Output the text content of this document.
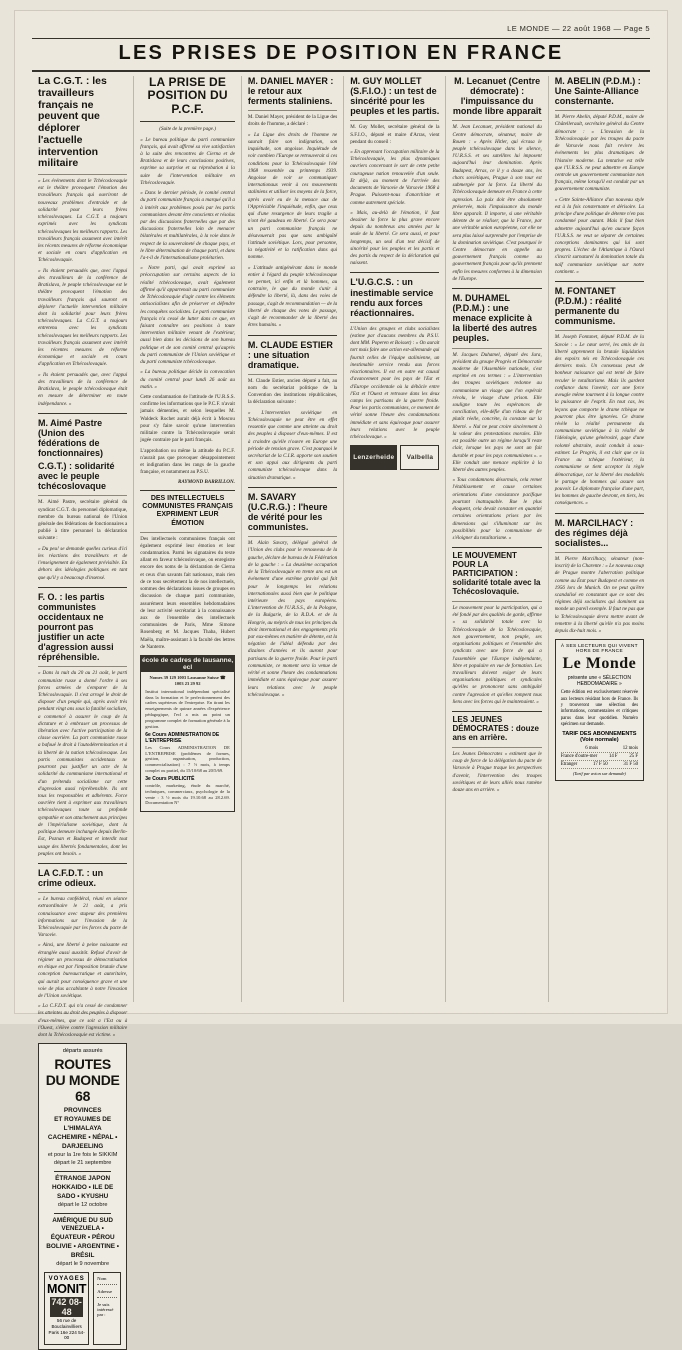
LE MONDE — 22 août 1968 — Page 5
LES PRISES DE POSITION EN FRANCE
La C.G.T. : les travailleurs français ne peuvent que déplorer l'actuelle intervention militaire

« Les événements dont le Tchécoslovaquie est le théâtre provoquent l'émotion des travailleurs français qui ouvriront de nouveaux problèmes d'entraide et de solidarité pour leurs frères tchécoslovaques. La C.G.T. a toujours exprimés avec les syndicats tchécoslovaques les meilleurs rapports. Les travailleurs français assument avec intérêt les récents mesures de réforme économique et sociale en cours d'application en Tchécoslovaquie.

« Ils étaient persuadés que, avec l'appui des travailleurs de la conférence de Bratislava, le peuple tchécoslovaque est le théâtre provoquent l'émotion des travailleurs français qui sauront en déplorer l'actuelle intervention militaire dont la solidarité pour leurs frères tchécoslovaques. La C.G.T. a toujours entretenu avec les syndicats tchécoslovaques les meilleurs rapports. Les travailleurs français assument avec intérêt les récentes mesures de réforme économique et sociale en cours d'application en Tchécoslovaquie.

« Ils étaient persuadés que, avec l'appui des travailleurs de la conférence de Bratislava, le peuple tchécoslovaque était en mesure de déterminer en toute indépendance. »

M. Aimé Pastre (Union des fédérations de fonctionnaires)
C.G.T.) : solidarité avec le peuple tchécoslovaque

M. Aimé Pastre, secrétaire général du syndicat C.G.T. du personnel diplomatique, membre du bureau national de l'Union générale des fédérations de fonctionnaires a publié à titre personnel la déclaration suivante :

« Du peu! se demande quelles curieux d'ici les réactions des travailleurs et de l'enseignement de également prévisible. En dehors des idéologies politiques en tant que qu'il y a beaucoup d'insensé.

F. O. : les partis communistes occidentaux ne pourront pas justifier un acte d'agression aussi répréhensible.

« Dans la nuit du 20 au 21 août, le parti communiste russe a donné l'ordre à ses forces armées de s'emparer de la Tchécoslovaquie. Il s'est arrogé le droit de disposer d'un peuple qui, après avoir très pendant vingt ans sous la fatalité socialiste, a commencé à assurer le coup de la dictature et à embraser un processus de libération avec l'active participation de la classe ouvrière. La part communiste russe a bafoué le droit à l'autodétermination et à la liberté de la nation tchécoslovaque. Les partis communistes occidentaux ne pourront pas justifier un acte de la solidarité du communisme international et d'un prétendu socialisme car cette d'agression aussi répréhensible. Ils ont tous les responsables et adhérents. Force ouvrière tient à exprimer aux travailleurs tchécoslovaques toute sa profonde sympathie et son attachement aux principes de l'impérialisme soviétique, dont la politique demeure inchangée depuis Berlin-Est, Poznan et Budapest et interdit tout usage des libertés fondamentales, dont les peuples ont besoin. »

LA C.F.D.T. : un crime odieux.

« Le bureau confédéral, réuni en séance extraordinaire le 21 août, a pris connaissance avec stupeur des premières informations sur l'invasion de la Tchécoslovaquie par les forces du pacte de Varsovie.

« Ainsi, une liberté à peine naissante est étranglée aussi aussitôt. Refusé d'avoir de régimer un processus de démocratisation en étique est par l'imposition brutale d'une conception bureaucratique et autoritaire, qui aurait pour conséquence grave et une voie de plus accablante à notre l'invasion de l'Union soviétique.

« La C.F.D.T. qui n'a cessé de condamner les atteintes au droit des peuples à disposer d'eux-mêmes, que ce soit a l'Est ou à l'Ouest, s'élève contre l'agression militaire dont la Tchécoslovaquie est victime. »

départs assurés
ROUTES DU MONDE 68
PROVINCES
ET ROYAUMES DE L'HIMALAYA
CACHEMIRE • NÉPAL • DARJEELING
et pour la 1re fois le SIKKIM
départ le 21 septembre
ÉTRANGE JAPON
HOKKAIDO • ILE DE SADO • KYUSHU
départ le 12 octobre
AMÉRIQUE DU SUD
VENEZUELA • ÉQUATEUR • PÉROU
BOLIVIE • ARGENTINE • BRÉSIL
départ le 9 novembre
VOYAGES
MONIT
742 08-48
56 rue de Bouclainvilliers Paris 16e 224 54-00
Nom
Adresse
Je suis intéressé par :
LA PRISE DE POSITION DU P.C.F.

(Suite de la première page.)

« Le bureau politique du parti communiste français, qui avait affirmé sa vive satisfaction à la suite des rencontres de Cierna et de Bratislava et de leurs conclusions positives, exprime sa surprise et sa réprobation à la suite de l'intervention militaire en Tchécoslovaquie.

« Dans le dernier période, le comité central du parti communiste français a marqué qu'il a à intérêt aux problèmes posés par les partis communistes devant être conscients et résolus par des discussions fraternelles que par des discussions fraternelles loin de menacer bilatérales et multilatérales, à la voie dans le respect de la souveraineté de chaque pays, et le libre détermination de chaque parti, et dans l'a-t-il de l'internationalisme prolétarien.

« Notre parti, qui avait exprimé sa préoccupation sur certains aspects de la réalité tchécoslovaque, avait également affirmé qu'il appartenait au parti communiste de Tchécoslovaquie d'agir contre les éléments antisocialistes afin de préserver et défendre les conquêtes socialistes. Le parti communiste français n'a cessé de lutter dans ce que, en faisant connaître ses positions à toute intervention militaire venant de l'extérieur, aussi bien dans les décisions de son bureau politique et de son comité central qu'auprès du parti communiste de l'Union soviétique et du parti communiste tchécoslovaque.

« La bureau politique décide la convocation du comité central pour lundi 26 août au matin. »

Cette condamnation de l'attitude de l'U.R.S.S. confirme les informations que le P.C.F. n'avait jamais démenties, et selon lesquelles M. Waldeck Rochet aurait déjà écrit à Moscou pour s'y faire savoir qu'une intervention militaire contre la Tchécoslovaquie serait jugée contraire par le parti français.

L'approbation ou même la attitude du P.C.F. n'aurait pas que provoquer désappointement et indignation dans les rangs de la gauche française, et notamment au P.S.U.

RAYMOND BARRILLON.
DES INTELLECTUELS COMMUNISTES FRANÇAIS EXPRIMENT LEUR ÉMOTION

Des intellectuels communistes français ont également exprimé leur émotion et leur condamnation. Parmi les signataires du texte allant en faveur tchécoslovaque, on enregistre encore des noms de la déclaration de Cierna et ceux d'un savants fait nationaux, mais rien de ce tous secrètement la de nos intellectuels, sommes des déclarations issues de groupes en discussion de chaque parti communiste, assurément leurs ensembles hebdomadaires de leur activité secrétariat à la connaissance aux de l'ensemble des intellectuels communistes de Paris, Mme Simone Rosenberg et M. Jacques Thaba, Hubert Maëla, maître-assistant à la faculté des lettres de Nanterre.

école de cadres de lausanne, ecl
Nomes 39 129 1003 Lausanne Suisse ☎ 1003 23 29 92

Institut international indépendant spécialisé dans la formation et le perfectionnement des cadres supérieurs de l'entreprise. En tirant les enseignements de quinze années d'expérience pédagogique, l'ecl a mis au point un programme complet de formation générale à la gestion.

6e Cours ADMINISTRATION DE L'ENTREPRISE

Les Cours ADMINISTRATION DE L'ENTREPRISE (problèmes de formes, gestion, organisation, production, commercialisation) : 7 ½ mois, à temps complet ou partiel, du 15/10/68 au 20/5/69.

3e Cours PUBLICITÉ

contrôle, marketing, étude du marché, techniques, commerciaux, psychologie de la vente : 3 ½ mois du 19.10.68 au 28.2.69. Documentation N°

M. DANIEL MAYER : le retour aux ferments staliniens.

M. Daniel Mayer, président de la Ligue des droits de l'homme, a déclaré :

« La Ligue des droits de l'homme ne saurait faire son indignation, son inquiétude, son angoisse. Inquiétude de voir combien l'Europe se retrouverait si ces conditions pour la Tchécoslovaquie l'été 1968 ressemble au printemps 1939. Angoisse de voir se communiquer internationaux venir à ces mouvements staliniens et utiliser les moyens de la force, après avoir eu de la menace aux de l'Appréciable l'inquiétude, enfin, que ceux qui d'une resurgence de leurs tragile a n'ont été gaudeau en liberté. Ce sera pour un parti communiste français ne désavouerait pas que sans ambiguïté l'attitude soviétique. Lors, pour personne, la négativité et la ratification dans qui nomme.

« L'attitude antigénérant dans le monde entier à l'égard du peuple tchécoslovaque ne permet, ici enfin et là hommes, au contraire, le que du monde s'unir à défendre la liberté, là, dans des voies de passage, s'agit de recommandation — de la liberté de chaque des votes de passage, s'agit de recommander de la liberté des êtres humains. »

M. CLAUDE ESTIER : une situation dramatique.

M. Claude Estier, ancien député a fait, au nom du secrétariat politique de la Convention des institutions républicaines, la déclaration suivante :

« L'intervention soviétique en Tchécoslovaquie ne peut être en effet ressentie que comme une atteinte au droit des peuples à disposer d'eux-mêmes. Il est à craindre qu'elle n'ouvre en Europe une période de tension grave. C'est pourquoi le secrétariat de la C.I.R. apporte son soutien et son appui aux dirigeants du parti communiste tchécoslovaque dans la situation dramatique. »

M. SAVARY (U.C.R.G.) : l'heure de vérité pour les communistes.

M. Alain Savary, délégué général de l'Union des clubs pour le renouveau de la gauche, déclare de bureau de la Fédération de la gauche : « La deuxième occupation de la Tchécoslovaquie en trente ans est un événement d'une extrême gravité qui fait pour le longtemps les relations internationales aussi bien que le politique intérieure des pays européens. L'intervention de l'U.R.S.S., de la Pologne, de la Bulgarie, de la R.D.A. et de la Hongrie, au mépris de tous les principes du droit international et des engagements pris par eux-mêmes en matière de détente, est la négation de l'idéal défendu par des dizaines d'années et ils auront pour partisans de la guerre froide. Pour le parti communiste, ce moment sera la venue de vérité et sonne l'heure des condamnations immédiate et sans équivoque pour assurer leurs relations avec le peuple tchécoslovaque. »

M. GUY MOLLET (S.F.I.O.) : un test de sincérité pour les peuples et les partis.

M. Guy Mollet, secrétaire général de la S.F.I.O., député et maire d'Arras, vient pendant du conseil :

« En apprenant l'occupation militaire de la Tchécoslovaquie, les plus dynamiques ouvriers concernant le sort de cette petite courageuse nation renouvelée d'un seule. Et déjà, au moment de l'arrivée des documents de Varsovie de Varsovie 1968 à Prague. Puissent-nous d'anarchiste et comme autrement spéciale.

« Mais, au-delà de l'émotion, il faut dessiner la force la plus grave encore depuis du nombreux ans années par la seule de la liberté. Ce sera aussi, et pour longtemps, un seul d'un test décisif de sincérité pour les peuples et les partis et des partis du respect de la déclaration qui naissent.

L'U.G.C.S. : un inestimable service rendu aux forces réactionnaires.

L'Union des groupes et clubs socialistes (estime par d'aucuns membres du P.S.U. dont MM. Poperen et Boisset) : « On aurait tort mais faire une action est-allemande qui fournit celles de l'équipe stalinienne, un inestimable service rendu aux forces réactionnaires. Il est en outre est causal d'avancement pour les pays de l'Est et d'Europe occidentale où la débâcle entre l'Est et l'Ouest et retrouve dans les deux camps les partisans de la guerre froide. Pour les partis communistes, ce moment de vérité sonne l'heure des condamnations immédiate et sans équivoque pour assurer leurs relations avec le peuple tchécoslovaque. »

Lenzerheide	Valbella
M. Lecanuet (Centre démocrate) : l'impuissance du monde libre apparaît

M. Jean Lecanuet, président national du Centre démocrate, sénateur, maire de Rouen : « Après Hitler, qui écrasa le peuple tchécoslovaque dans le silence, l'U.R.S.S. et ses satellites lui imposent aujourd'hui leur domination. Après Budapest, Arras, ce il y a douze ans, les chars soviétiques, Prague à son tour est submergée par la force. La liberté du Tchécoslovaquie demeure en France à cette agression. La paix doit être absolument préservée, mais l'impuissance du monde libre apparaît. Il importe, si une véritable détente de se réaliser, que la France, par une véritable union européenne, car elle ne sera plus laissé surprendre par l'emprise de la domination soviétique. C'est pourquoi le Centre démocrate en appelle au gouvernement français comme au gouvernement français pour qu'ils prennent enfin les mesures conformes à la dimension de l'Europe.

M. DUHAMEL (P.D.M.) : une menace explicite à la liberté des autres peuples.

M. Jacques Duhamel, député des Jura, président du groupe Progrès et Démocratie moderne de l'Assemblée nationale, s'est exprimé en ces termes : « L'intervention des troupes soviétiques redonne au communisme un visage que l'on espérait révolu, le visage d'une prison. Elle souligne toute les espérances de conciliation, elle-défie d'un rideau de fer plutôt réelle, concrète, la constate sur la liberté. « Nul ne peut croire sincèrement à la valeur des protestations morales. Elle est possible outre un régime lorsqu'il reste clair, lorsque les pays ne sont un fait durable et pour les pays communismes ». « Elle conduit une menace explicite à la liberté des autres peuples.

« Tous condamnons désormais, cela remet l'établissement et cause certaines orientations d'une consistance pacifique pourtant inattaquable. Rue le plus éloquent, cela devait constater en quantité certaines orientations prises par les dimensions qui s'illuminant sur les possibilités pour la communisme de s'éloigner du totalitarisme. »

LE MOUVEMENT POUR LA PARTICIPATION : solidarité totale avec la Tchécoslovaquie.

Le mouvement pour la participation, qui a été fondé par des qualités de garde, affirme « sa solidarité totale avec la Tchécoslovaquie de la Tchécoslovaquie, non gouvernement, non peuple, ses organisations politiques et l'ensemble des syndicats avec une force de qui a l'assemblée que l'Europe indépendante, libre et populaire en vue de formation. Les travailleurs doivent exiger de leurs organisations politiques et syndicales qu'elles se prononcent sans ambiguïté contre l'agression et qu'elles rompent tous liens avec les forces qui le maintenaient. »

LES JEUNES DÉMOCRATES : douze ans en arrière.

Les Jeunes Démocrates « estiment que le coup de force de la délégation du pacte de Varsovie à Prague traque les perspectives d'avenir, l'intervention des troupes soviétiques et de leurs alliés nous ramène douze ans en arrière. »

M. ABELIN (P.D.M.) : Une Sainte-Alliance consternante.

M. Pierre Abelin, député P.D.M., maire de Châtellerault, secrétaire général du Centre démocrate : « L'invasion de la Tchécoslovaquie par les troupes du pacte de Varsovie nous fait revivre les événements les plus dramatiques de l'histoire moderne. La tentative est telle que l'U.R.S.S. ne peut admettre en Europe centrale un gouvernement communiste non français, même lorsqu'il est conduit par un gouvernement communiste.

« Cette Sainte-Alliance d'un nouveau style est à la fois consternante et dérisoire. La principe d'une politique de détente n'en pas condamné pour autant. Mais il faut bien admettre aujourd'hui qu'en aucune façon l'U.R.S.S. ne veut se séparer de certaines conceptions dominantes qui lui sont propres. L'échec de l'Atlantique à l'Oural s'inscrit surnaturel la domination totale du naïf communiste soviétique sur notre continent. »

M. FONTANET (P.D.M.) : réalité permanente du communisme.

M. Joseph Fontanet, député P.D.M. de la Savoie : « Le cœur serré, les amis de la liberté apprennent la brutale liquidation des espoirs nés en Tchécoslovaquie ces derniers mois. Un consensus peut de bonheur naissance qui est tenté de faire reculer le totalitarisme. Mais ils gardent confiance dans l'avenir, car une force aveugle même tourment à la longue contre la puissance de l'esprit. En tout cas, les leçons que comporte le drame tchèque ne pourront plus être ignorées. Ce drame révèle la réalité permanente du communisme soviétique à la réalité de l'idéologie, qu'une générosité, gage d'une volonté abstraite, avait conduit à sous-estimer. Le Progrès, il est clair que ce la France au tchèque l'extérieur, la communisme se tient acceptor la règle démocratique, car la liberté des modalités le partage de hommes qui assure son pouvoir. Le diplomate française d'une part, les hommes de gauche devront, en tiers, les conséquences. »

M. MARCILHACY : des régimes déjà socialistes...

M. Pierre Marcilhacy, sénateur (non-inscrit) de la Charente : « Le nouveau coup de Prague montre l'aberration politique comme au État pour Budapest et comme en 1956 lors de Munich. On ne peut qu'être scandalisé en constatant que ce sont des régimes déjà socialistes qui dominent au monde un pareil exemple. Il faut ne pas que la Tchécoslovaquie devra mettre avant de remettre à la liberté qu'elle n'a pas moins depuis dix-huit mois. »

À SES LECTEURS QUI VIVENT HORS DE FRANCE
Le Monde
présente une « SÉLECTION HEBDOMADAIRE »

Cette édition est exclusivement réservée aux lecteurs résidant hors de France. Ils y trouveront une sélection des informations, commentaires et critiques parus dans leur quotidien. Numéro spécimen sur demande.

TARIF DES ABONNEMENTS (Voie normale)
6 mois	12 mois
France d'outre-mer 14 F 25 F
Étranger	17 F 50	31 F 50
(Tarif par avion sur demande)
